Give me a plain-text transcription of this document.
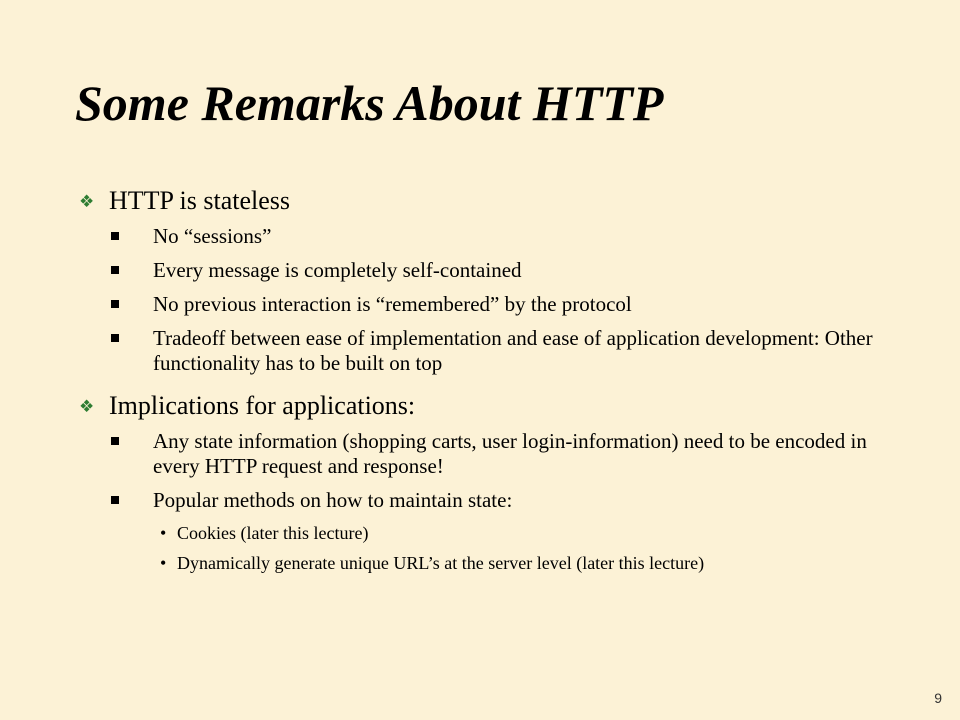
Some Remarks About HTTP
❖ HTTP is stateless
No “sessions”
Every message is completely self-contained
No previous interaction is “remembered” by the protocol
Tradeoff between ease of implementation and ease of application development: Other functionality has to be built on top
❖ Implications for applications:
Any state information (shopping carts, user login-information) need to be encoded in every HTTP request and response!
Popular methods on how to maintain state:
• Cookies (later this lecture)
• Dynamically generate unique URL’s at the server level (later this lecture)
9
